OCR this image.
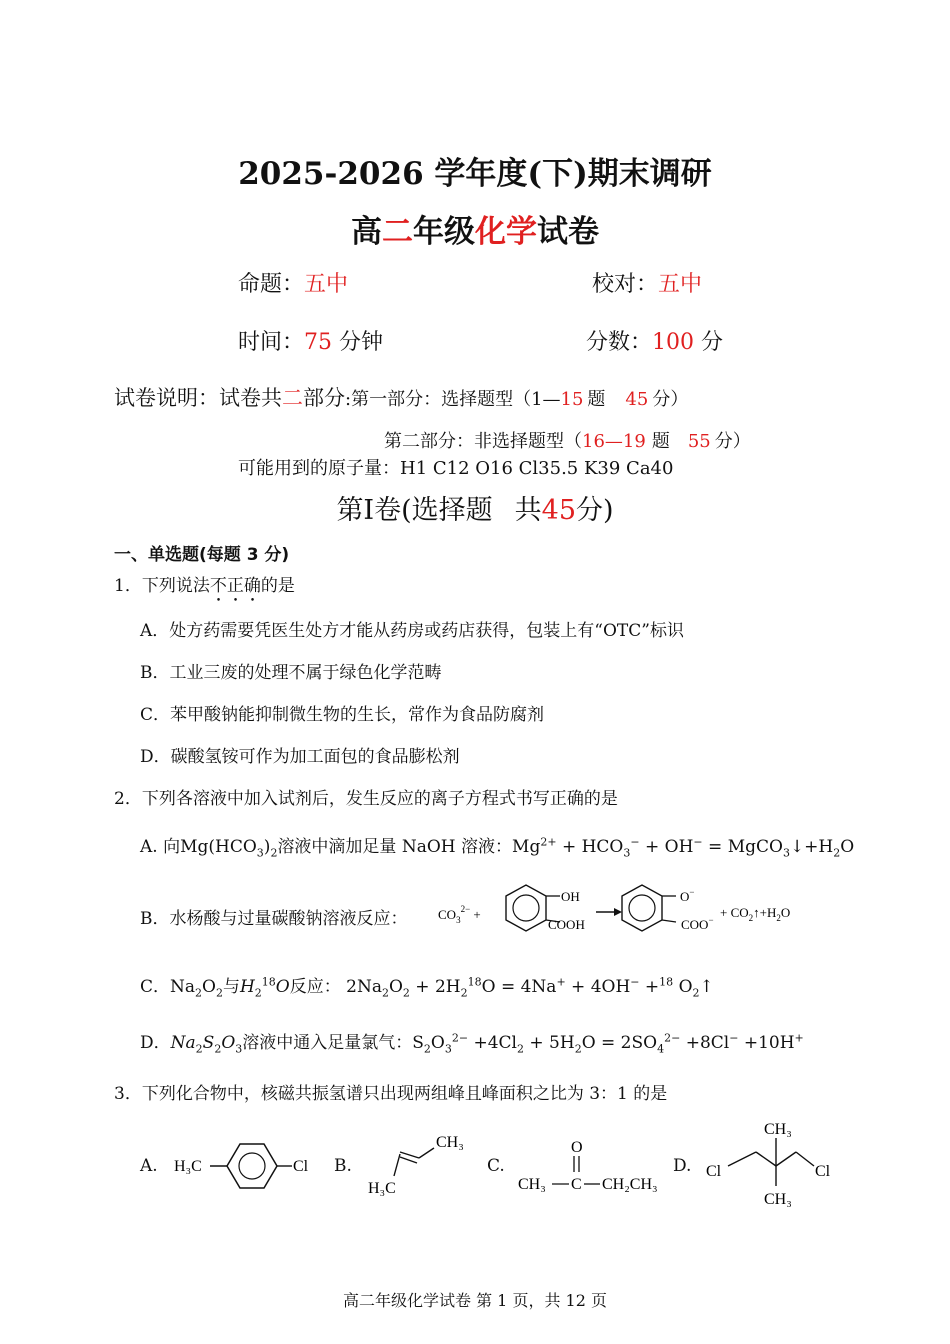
2025-2026 学年度(下)期末调研
高二年级化学试卷
命题：五中	校对：五中
时间：75 分钟	分数：100 分
试卷说明：试卷共二部分:第一部分：选择题型（1—15 题 45 分）
第二部分：非选择题型（16—19 题 55 分）
可能用到的原子量：H1 C12 O16 Cl35.5 K39 Ca40
第Ⅰ卷(选择题 共45分)
一、单选题(每题 3 分)
1．下列说法不正确的是
A．处方药需要凭医生处方才能从药房或药店获得，包装上有“OTC”标识
B．工业三废的处理不属于绿色化学范畴
C．苯甲酸钠能抑制微生物的生长，常作为食品防腐剂
D．碳酸氢铵可作为加工面包的食品膨松剂
2．下列各溶液中加入试剂后，发生反应的离子方程式书写正确的是
A. 向$Mg(HCO_3)_2$溶液中滴加足量 NaOH 溶液：$Mg^{2+} + HCO_3^- + OH^-$ = $MgCO_3↓+H_2O$
B．水杨酸与过量碳酸钠溶液反应： $CO_3^{2-}$ +
OH
COOH
O−
$COO^- + CO_2↑+H_2O$
C．$Na_2O_2$与$H_2^{18}O$反应： $2Na_2O_2 + 2H_2^{18}O = 4Na^+ + 4OH^- +^{18}$ $O_2↑$
D．$Na_2S_2O_3$溶液中通入足量氯气：$S_2O_3^{2-} +4Cl_2 + 5H_2O = 2SO_4^{2-} +8Cl^- +10H^+$
3．下列化合物中，核磁共振氢谱只出现两组峰且峰面积之比为 3：1 的是
A.	B.	C.	D.
H₃C	Cl
CH₃
H₃C
O
CH₃ C CH₂CH₃
CH₃
Cl	Cl
CH₃
高二年级化学试卷 第 1 页，共 12 页
